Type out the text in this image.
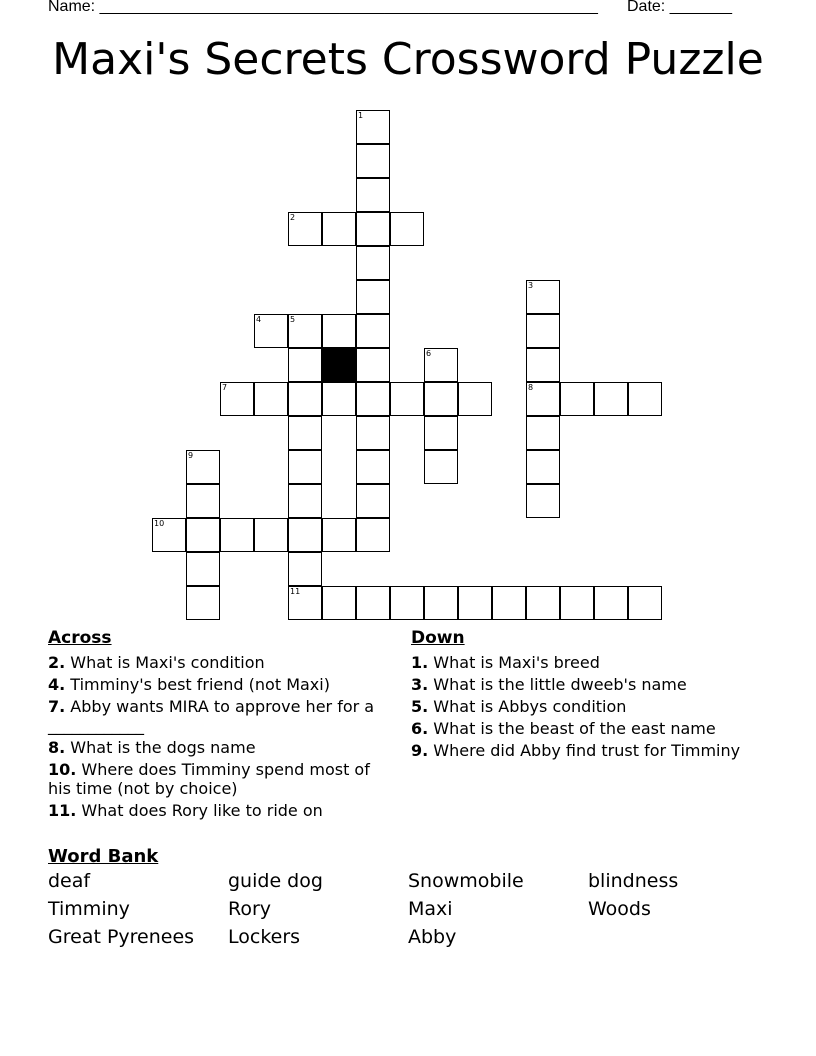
Name: ________________________________________________________ Date: _______
Maxi's Secrets Crossword Puzzle
1
2
3
4	5
6
7	8
9
10
11
Across
2. What is Maxi's condition
4. Timminy's best friend (not Maxi)
7. Abby wants MIRA to approve her for a ____________
8. What is the dogs name
10. Where does Timminy spend most of his time (not by choice)
11. What does Rory like to ride on
Down
1. What is Maxi's breed
3. What is the little dweeb's name
5. What is Abbys condition
6. What is the beast of the east name
9. Where did Abby find trust for Timminy
Word Bank
deaf	guide dog	Snowmobile	blindness
Timminy	Rory	Maxi	Woods
Great Pyrenees	Lockers	Abby
